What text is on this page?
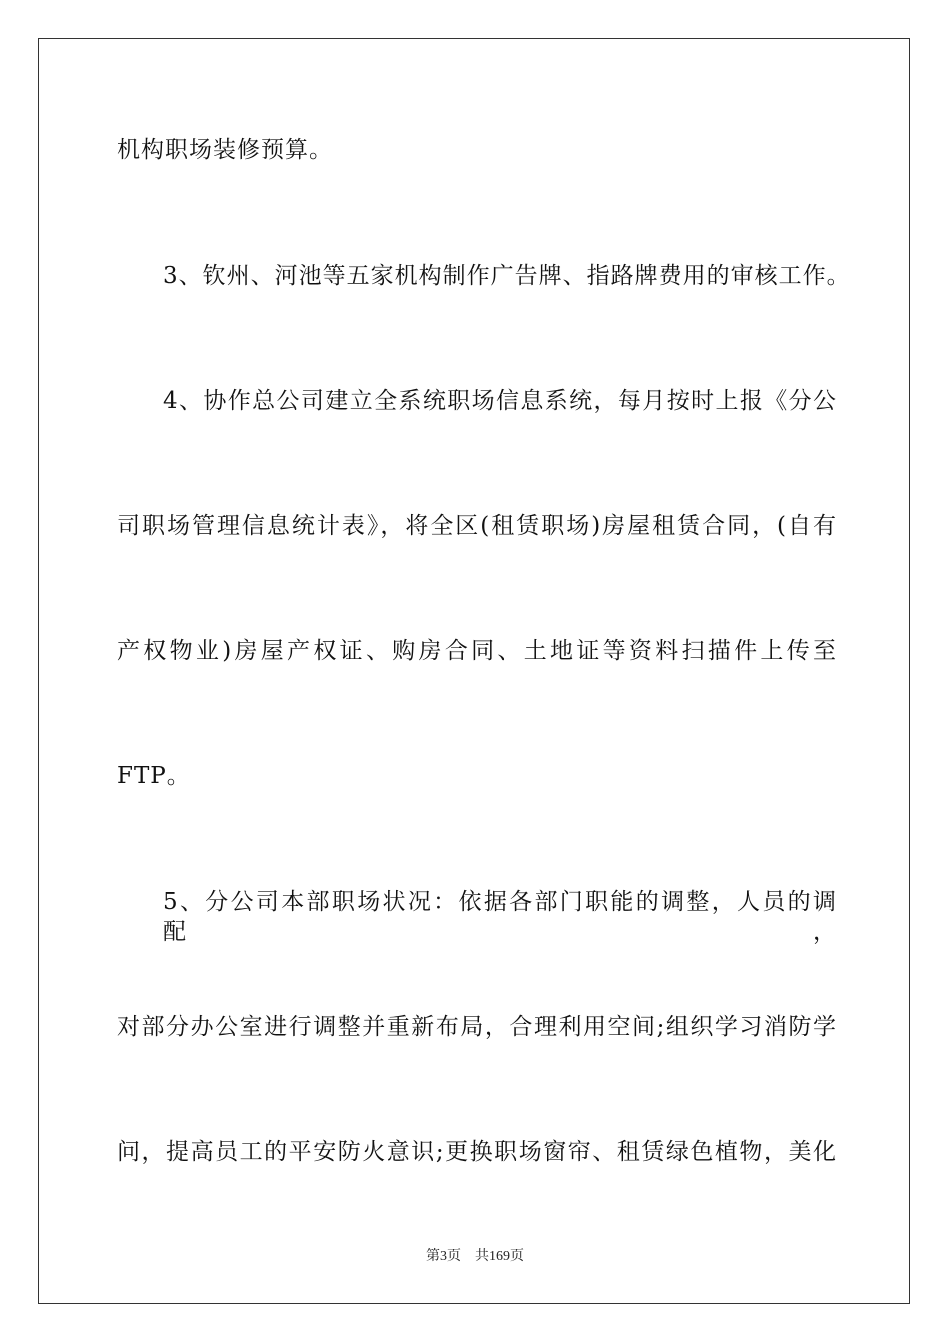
机构职场装修预算。
3、钦州、河池等五家机构制作广告牌、指路牌费用的审核工作。
4、协作总公司建立全系统职场信息系统，每月按时上报《分公
司职场管理信息统计表》，将全区(租赁职场)房屋租赁合同，(自有
产权物业)房屋产权证、购房合同、土地证等资料扫描件上传至
FTP。
5、分公司本部职场状况：依据各部门职能的调整，人员的调配，
对部分办公室进行调整并重新布局，合理利用空间;组织学习消防学
问，提高员工的平安防火意识;更换职场窗帘、租赁绿色植物，美化
第3页 共169页
